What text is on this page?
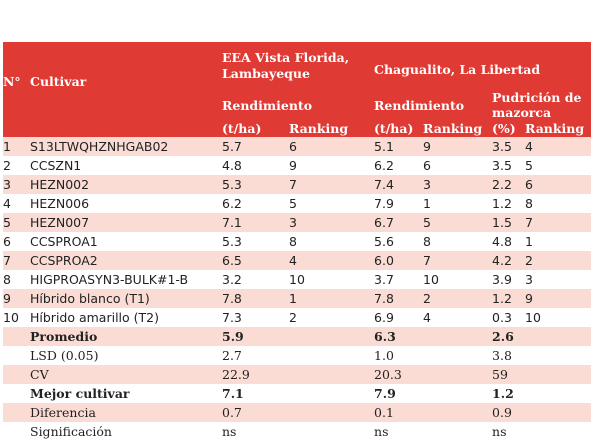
N°	Cultivar	EEA Vista Florida, Lambayeque		Chagualito, La Libertad			
		Rendimiento		Rendimiento		Pudrición de mazorca	
		(t/ha)	Ranking	(t/ha)	Ranking	(%)	Ranking
1	S13LTWQHZNHGAB02	5.7	6	5.1	9	3.5	4
2	CCSZN1	4.8	9	6.2	6	3.5	5
3	HEZN002	5.3	7	7.4	3	2.2	6
4	HEZN006	6.2	5	7.9	1	1.2	8
5	HEZN007	7.1	3	6.7	5	1.5	7
6	CCSPROA1	5.3	8	5.6	8	4.8	1
7	CCSPROA2	6.5	4	6.0	7	4.2	2
8	HIGPROASYN3-BULK#1-B	3.2	10	3.7	10	3.9	3
9	Híbrido blanco (T1)	7.8	1	7.8	2	1.2	9
10	Híbrido amarillo (T2)	7.3	2	6.9	4	0.3	10
	Promedio	5.9		6.3		2.6	
	LSD (0.05)	2.7		1.0		3.8	
	CV	22.9		20.3		59	
	Mejor cultivar	7.1		7.9		1.2	
	Diferencia	0.7		0.1		0.9	
	Significación	ns		ns		ns	
